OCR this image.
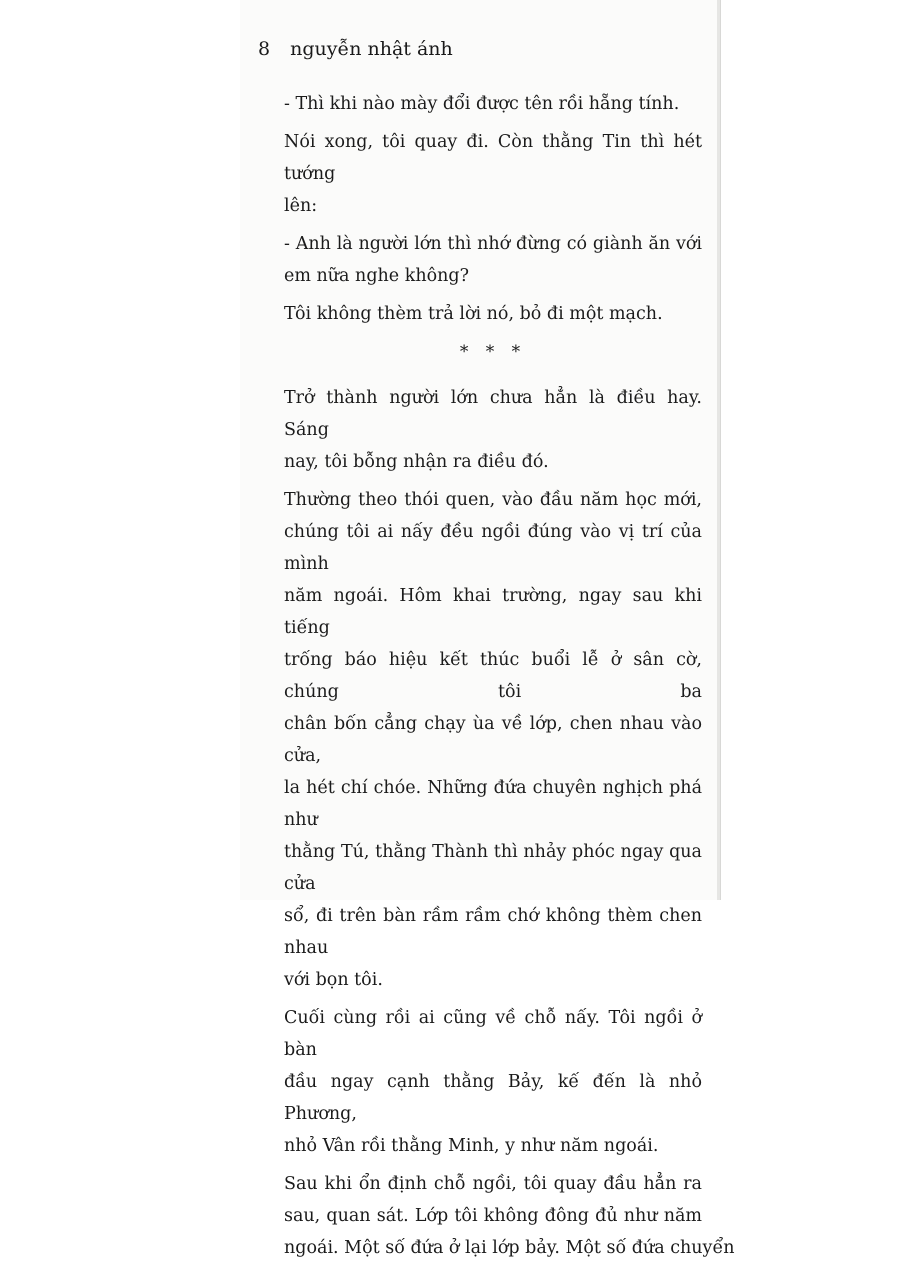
8 nguyễn nhật ánh

- Thì khi nào mày đổi được tên rồi hẵng tính.

Nói xong, tôi quay đi. Còn thằng Tin thì hét tướng
lên:

- Anh là người lớn thì nhớ đừng có giành ăn với
em nữa nghe không?

Tôi không thèm trả lời nó, bỏ đi một mạch.

* * *

Trở thành người lớn chưa hẳn là điều hay. Sáng
nay, tôi bỗng nhận ra điều đó.

Thường theo thói quen, vào đầu năm học mới,
chúng tôi ai nấy đều ngồi đúng vào vị trí của mình
năm ngoái. Hôm khai trường, ngay sau khi tiếng
trống báo hiệu kết thúc buổi lễ ở sân cờ, chúng tôi ba
chân bốn cẳng chạy ùa về lớp, chen nhau vào cửa,
la hét chí chóe. Những đứa chuyên nghịch phá như
thằng Tú, thằng Thành thì nhảy phóc ngay qua cửa
sổ, đi trên bàn rầm rầm chớ không thèm chen nhau
với bọn tôi.

Cuối cùng rồi ai cũng về chỗ nấy. Tôi ngồi ở bàn
đầu ngay cạnh thằng Bảy, kế đến là nhỏ Phương,
nhỏ Vân rồi thằng Minh, y như năm ngoái.

Sau khi ổn định chỗ ngồi, tôi quay đầu hẳn ra
sau, quan sát. Lớp tôi không đông đủ như năm
ngoái. Một số đứa ở lại lớp bảy. Một số đứa chuyển
